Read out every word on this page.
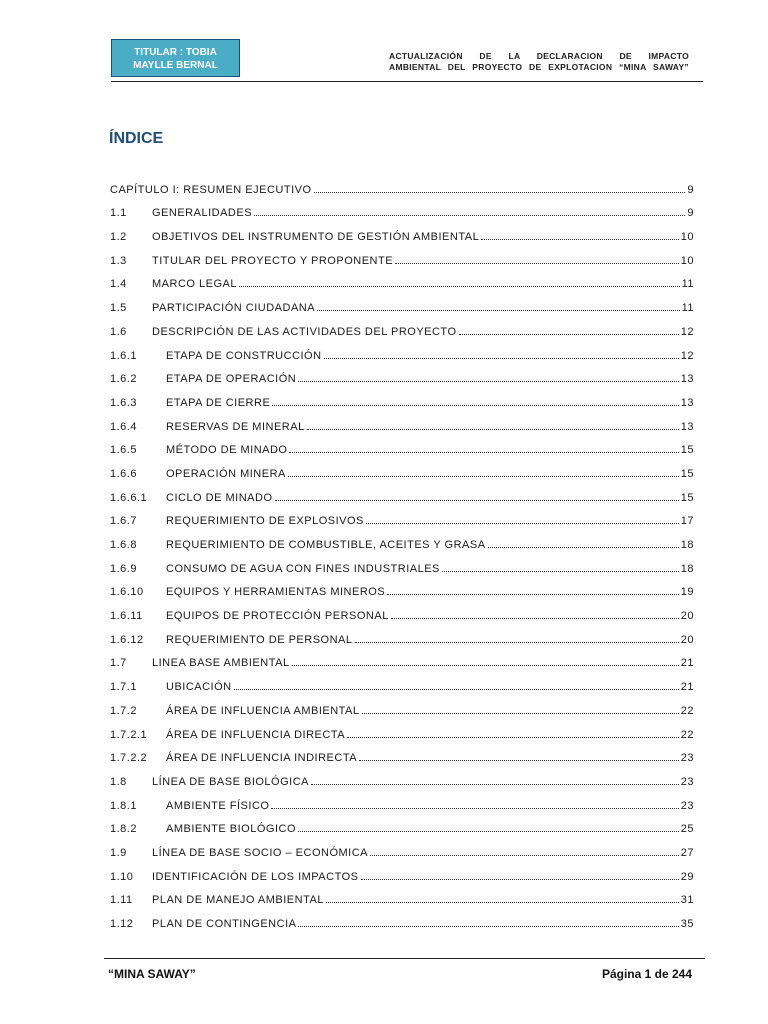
TITULAR : TOBIA
MAYLLE BERNAL
ACTUALIZACIÓN DE LA DECLARACION DE IMPACTO
AMBIENTAL DEL PROYECTO DE EXPLOTACION “MINA SAWAY”
ÍNDICE
CAPÍTULO I: RESUMEN EJECUTIVO	9
1.1	GENERALIDADES	9
1.2	OBJETIVOS DEL INSTRUMENTO DE GESTIÓN AMBIENTAL	10
1.3	TITULAR DEL PROYECTO Y PROPONENTE	10
1.4	MARCO LEGAL	11
1.5	PARTICIPACIÓN CIUDADANA	11
1.6	DESCRIPCIÓN DE LAS ACTIVIDADES DEL PROYECTO	12
1.6.1	ETAPA DE CONSTRUCCIÓN	12
1.6.2	ETAPA DE OPERACIÓN	13
1.6.3	ETAPA DE CIERRE	13
1.6.4	RESERVAS DE MINERAL	13
1.6.5	MÉTODO DE MINADO	15
1.6.6	OPERACIÓN MINERA	15
1.6.6.1	CICLO DE MINADO	15
1.6.7	REQUERIMIENTO DE EXPLOSIVOS	17
1.6.8	REQUERIMIENTO DE COMBUSTIBLE, ACEITES Y GRASA	18
1.6.9	CONSUMO DE AGUA CON FINES INDUSTRIALES	18
1.6.10	EQUIPOS Y HERRAMIENTAS MINEROS	19
1.6.11	EQUIPOS DE PROTECCIÓN PERSONAL	20
1.6.12	REQUERIMIENTO DE PERSONAL	20
1.7	LINEA BASE AMBIENTAL	21
1.7.1	UBICACIÓN	21
1.7.2	ÁREA DE INFLUENCIA AMBIENTAL	22
1.7.2.1	ÁREA DE INFLUENCIA DIRECTA	22
1.7.2.2	ÁREA DE INFLUENCIA INDIRECTA	23
1.8	LÍNEA DE BASE BIOLÓGICA	23
1.8.1	AMBIENTE FÍSICO	23
1.8.2	AMBIENTE BIOLÓGICO	25
1.9	LÍNEA DE BASE SOCIO – ECONÓMICA	27
1.10	IDENTIFICACIÓN DE LOS IMPACTOS	29
1.11	PLAN DE MANEJO AMBIENTAL	31
1.12	PLAN DE CONTINGENCIA	35
“MINA SAWAY”	Página 1 de 244
